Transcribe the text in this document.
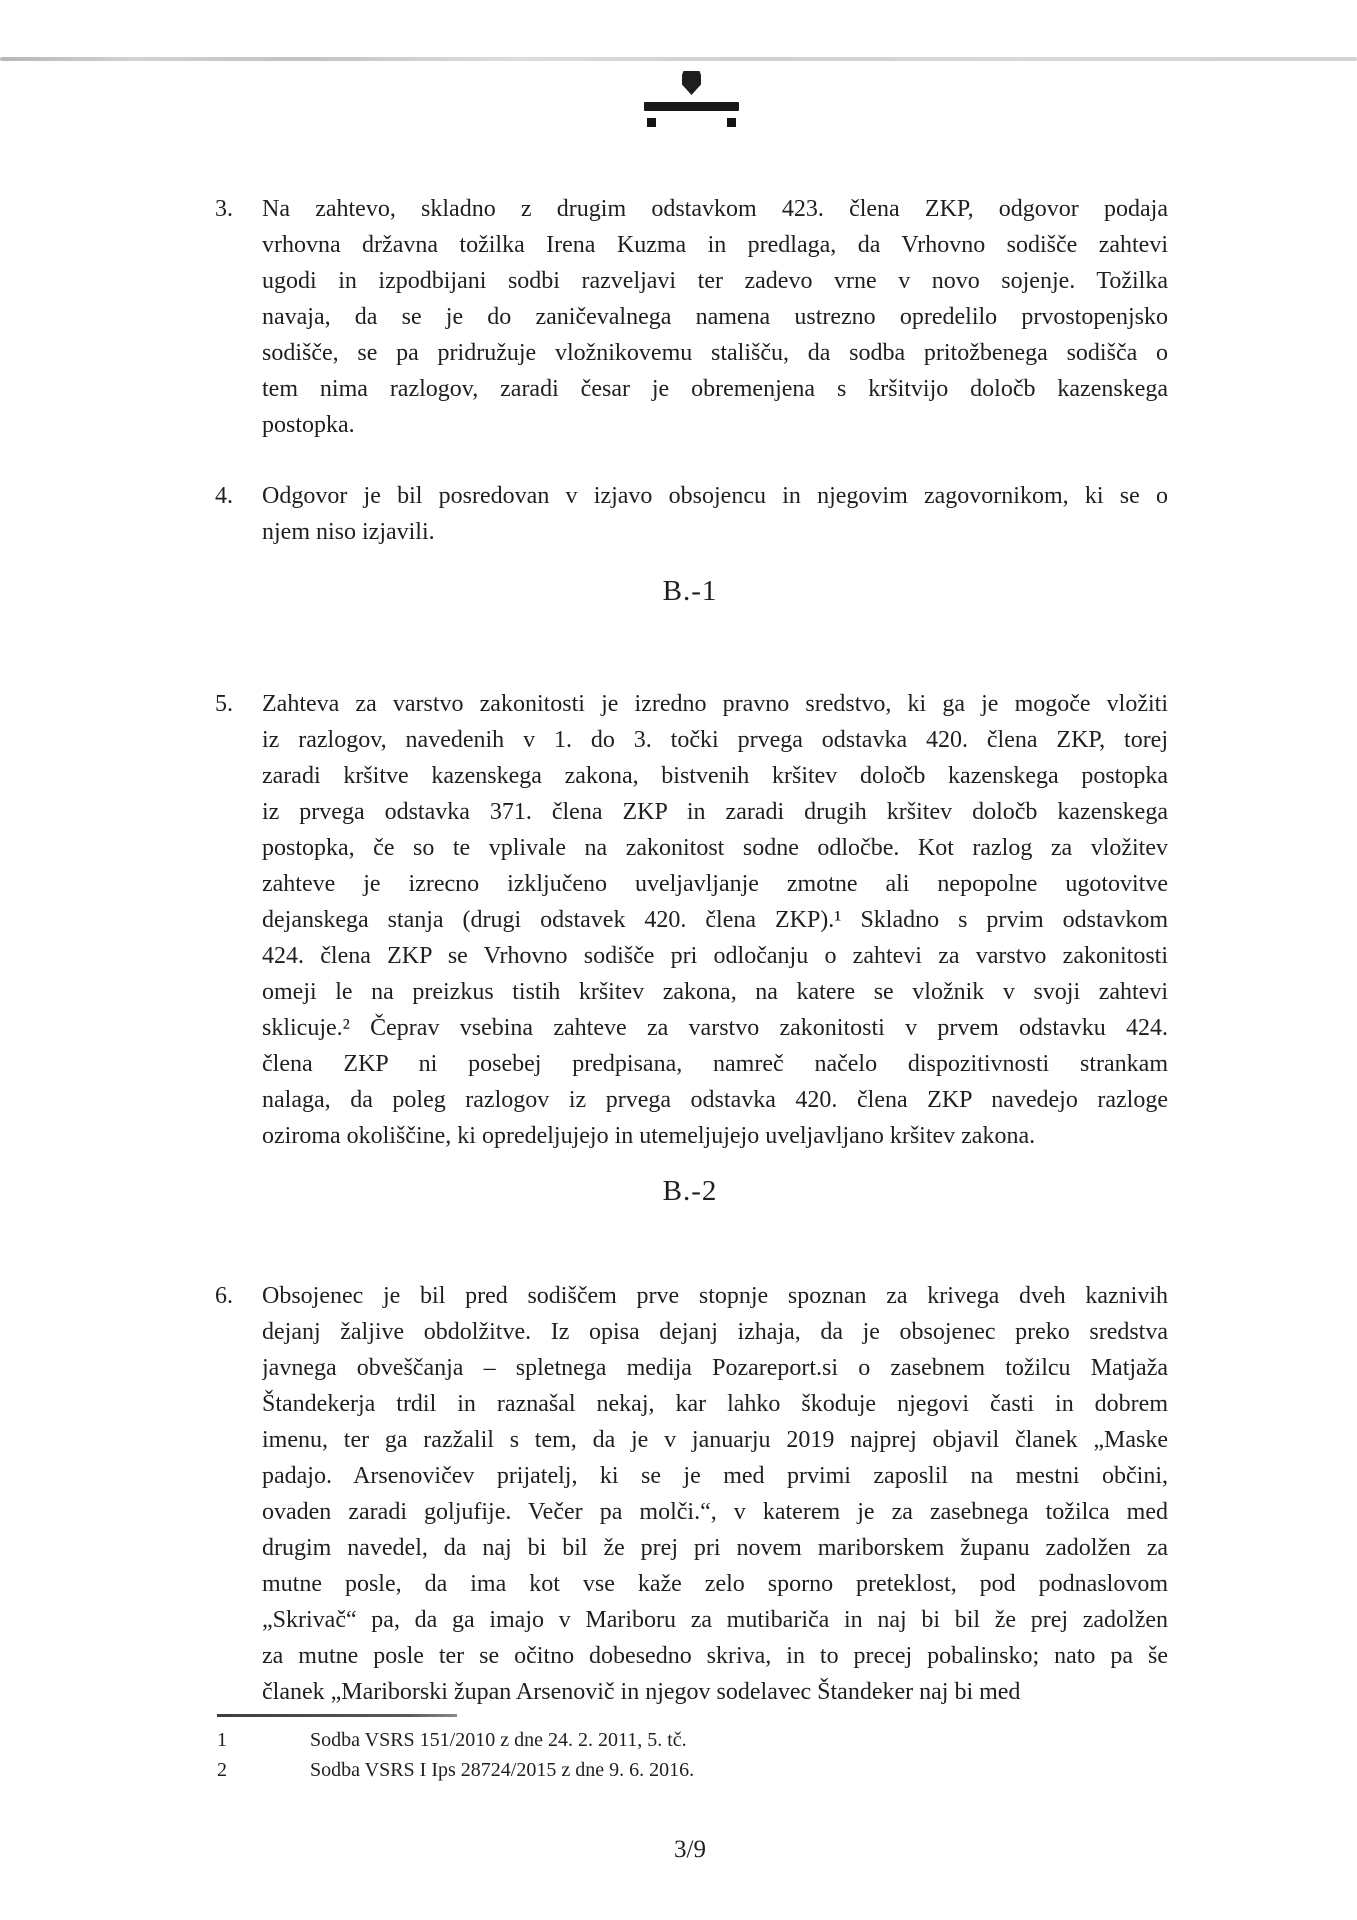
3. Na zahtevo, skladno z drugim odstavkom 423. člena ZKP, odgovor podaja
vrhovna državna tožilka Irena Kuzma in predlaga, da Vrhovno sodišče zahtevi
ugodi in izpodbijani sodbi razveljavi ter zadevo vrne v novo sojenje. Tožilka
navaja, da se je do zaničevalnega namena ustrezno opredelilo prvostopenjsko
sodišče, se pa pridružuje vložnikovemu stališču, da sodba pritožbenega sodišča o
tem nima razlogov, zaradi česar je obremenjena s kršitvijo določb kazenskega
postopka.
4. Odgovor je bil posredovan v izjavo obsojencu in njegovim zagovornikom, ki se o
njem niso izjavili.
B.-1
5. Zahteva za varstvo zakonitosti je izredno pravno sredstvo, ki ga je mogoče vložiti
iz razlogov, navedenih v 1. do 3. točki prvega odstavka 420. člena ZKP, torej
zaradi kršitve kazenskega zakona, bistvenih kršitev določb kazenskega postopka
iz prvega odstavka 371. člena ZKP in zaradi drugih kršitev določb kazenskega
postopka, če so te vplivale na zakonitost sodne odločbe. Kot razlog za vložitev
zahteve je izrecno izključeno uveljavljanje zmotne ali nepopolne ugotovitve
dejanskega stanja (drugi odstavek 420. člena ZKP).¹ Skladno s prvim odstavkom
424. člena ZKP se Vrhovno sodišče pri odločanju o zahtevi za varstvo zakonitosti
omeji le na preizkus tistih kršitev zakona, na katere se vložnik v svoji zahtevi
sklicuje.² Čeprav vsebina zahteve za varstvo zakonitosti v prvem odstavku 424.
člena ZKP ni posebej predpisana, namreč načelo dispozitivnosti strankam
nalaga, da poleg razlogov iz prvega odstavka 420. člena ZKP navedejo razloge
oziroma okoliščine, ki opredeljujejo in utemeljujejo uveljavljano kršitev zakona.
B.-2
6. Obsojenec je bil pred sodiščem prve stopnje spoznan za krivega dveh kaznivih
dejanj žaljive obdolžitve. Iz opisa dejanj izhaja, da je obsojenec preko sredstva
javnega obveščanja – spletnega medija Pozareport.si o zasebnem tožilcu Matjaža
Štandekerja trdil in raznašal nekaj, kar lahko škoduje njegovi časti in dobrem
imenu, ter ga razžalil s tem, da je v januarju 2019 najprej objavil članek „Maske
padajo. Arsenovičev prijatelj, ki se je med prvimi zaposlil na mestni občini,
ovaden zaradi goljufije. Večer pa molči.“, v katerem je za zasebnega tožilca med
drugim navedel, da naj bi bil že prej pri novem mariborskem županu zadolžen za
mutne posle, da ima kot vse kaže zelo sporno preteklost, pod podnaslovom
„Skrivač“ pa, da ga imajo v Mariboru za mutibariča in naj bi bil že prej zadolžen
za mutne posle ter se očitno dobesedno skriva, in to precej pobalinsko; nato pa še
članek „Mariborski župan Arsenovič in njegov sodelavec Štandeker naj bi med
1	Sodba VSRS 151/2010 z dne 24. 2. 2011, 5. tč.
2	Sodba VSRS I Ips 28724/2015 z dne 9. 6. 2016.
3/9
